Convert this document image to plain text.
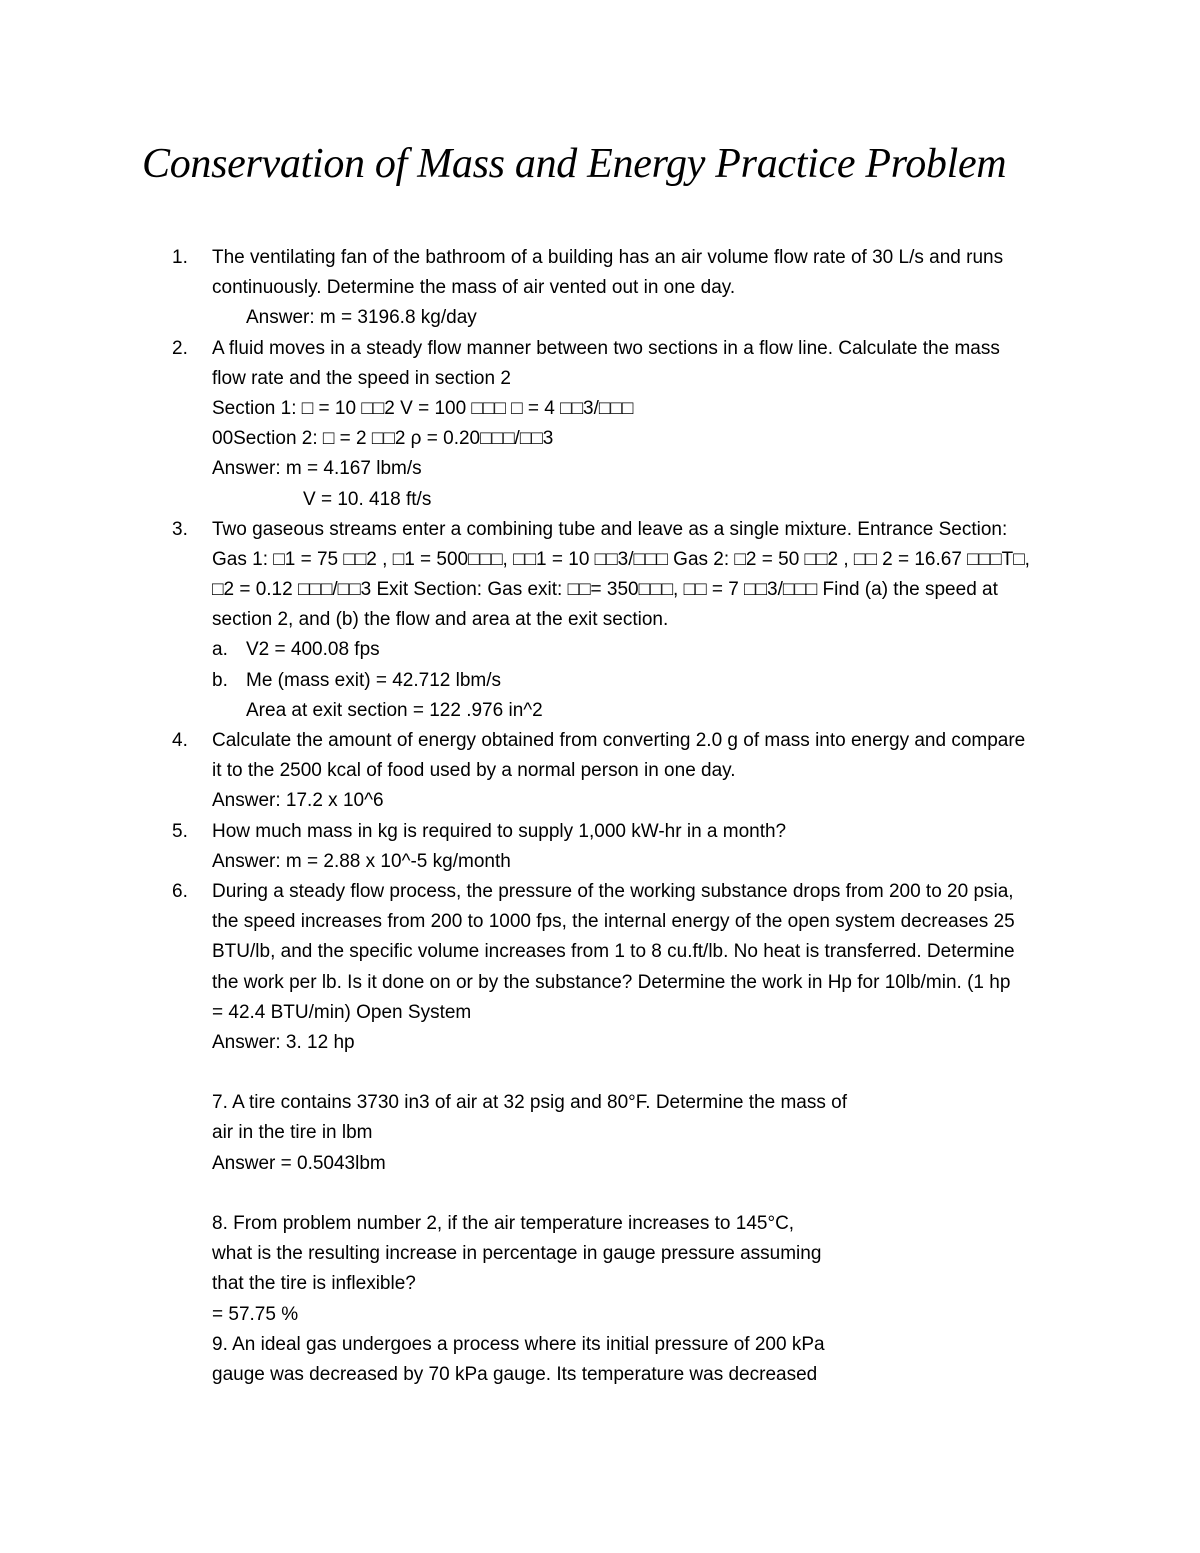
Conservation of Mass and Energy Practice Problem
1. The ventilating fan of the bathroom of a building has an air volume flow rate of 30 L/s and runs
continuously. Determine the mass of air vented out in one day.
Answer: m = 3196.8 kg/day
2. A fluid moves in a steady flow manner between two sections in a flow line. Calculate the mass
flow rate and the speed in section 2
Section 1: □ = 10 □□2 V = 100 □□□ □ = 4 □□3/□□□
00Section 2: □ = 2 □□2 ρ = 0.20□□□/□□3
Answer: m = 4.167 lbm/s
V = 10. 418 ft/s
3. Two gaseous streams enter a combining tube and leave as a single mixture. Entrance Section:
Gas 1: □1 = 75 □□2 , □1 = 500□□□, □□1 = 10 □□3/□□□ Gas 2: □2 = 50 □□2 , □□ 2 = 16.67 □□□T□,
□2 = 0.12 □□□/□□3 Exit Section: Gas exit: □□= 350□□□, □□ = 7 □□3/□□□ Find (a) the speed at
section 2, and (b) the flow and area at the exit section.
a. V2 = 400.08 fps
b. Me (mass exit) = 42.712 lbm/s
Area at exit section = 122 .976 in^2
4. Calculate the amount of energy obtained from converting 2.0 g of mass into energy and compare
it to the 2500 kcal of food used by a normal person in one day.
Answer: 17.2 x 10^6
5. How much mass in kg is required to supply 1,000 kW-hr in a month?
Answer: m = 2.88 x 10^-5 kg/month
6. During a steady flow process, the pressure of the working substance drops from 200 to 20 psia,
the speed increases from 200 to 1000 fps, the internal energy of the open system decreases 25
BTU/lb, and the specific volume increases from 1 to 8 cu.ft/lb. No heat is transferred. Determine
the work per lb. Is it done on or by the substance? Determine the work in Hp for 10lb/min. (1 hp
= 42.4 BTU/min) Open System
Answer: 3. 12 hp
7. A tire contains 3730 in3 of air at 32 psig and 80°F. Determine the mass of
air in the tire in lbm
Answer = 0.5043lbm
8. From problem number 2, if the air temperature increases to 145°C,
what is the resulting increase in percentage in gauge pressure assuming
that the tire is inflexible?
= 57.75 %
9. An ideal gas undergoes a process where its initial pressure of 200 kPa
gauge was decreased by 70 kPa gauge. Its temperature was decreased
